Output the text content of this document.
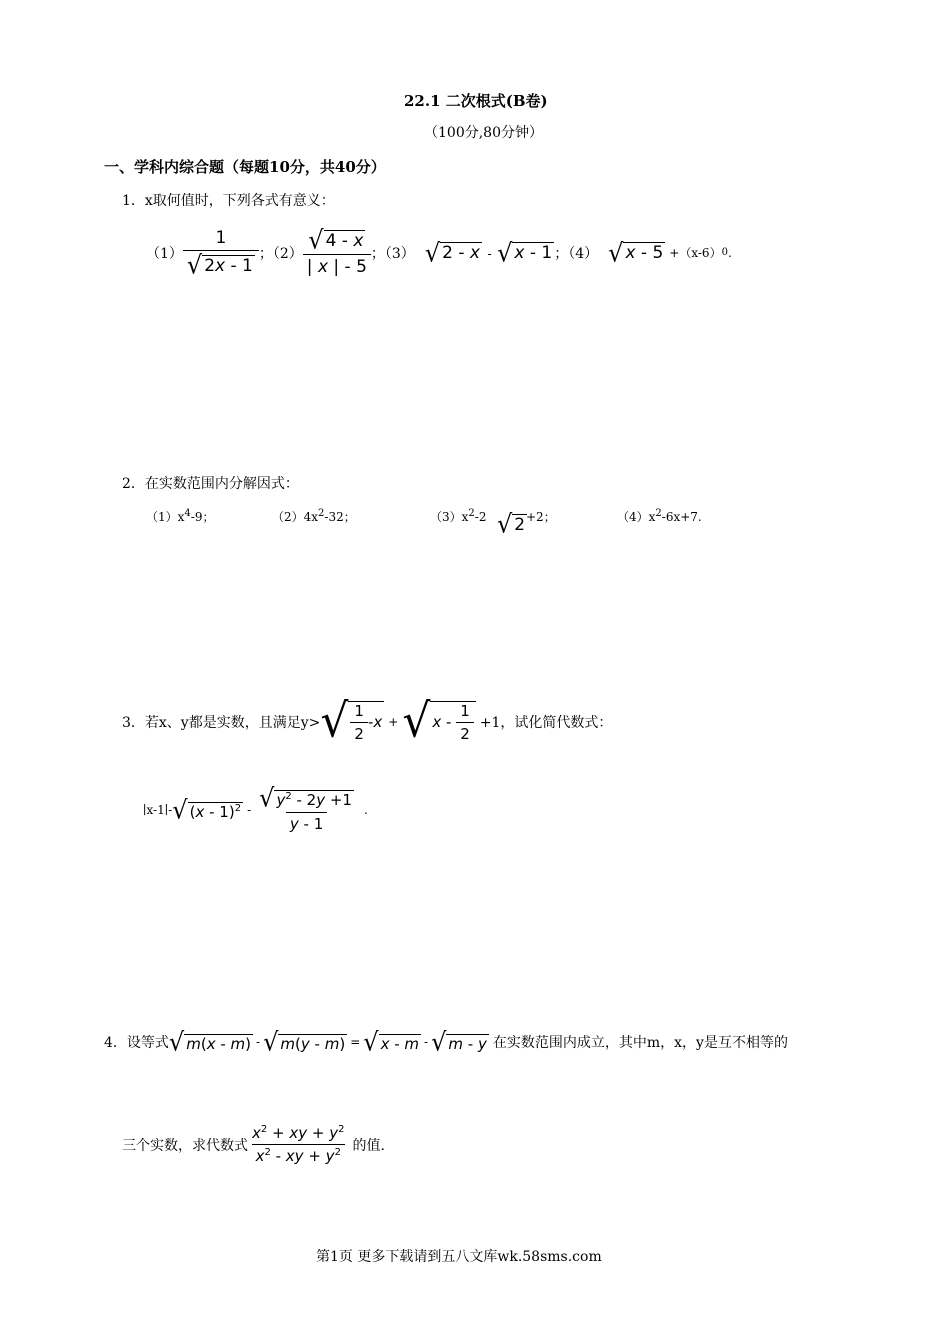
22.1 二次根式(B卷)
（100分,80分钟）
一、学科内综合题（每题10分，共40分）
1．x取何值时，下列各式有意义：
$(1) \frac{1}{√ 2x - 1}$ ；$(2) \frac{√ 4 - x}{| x | - 5}$ ；（3） √ 2 - x - √ x - 1 ；（4） √ x - 5 +（x-6） 0 .
2．在实数范围内分解因式：
$(1)x^4-9$；	$(2)4x^2-32$；	$(3)x^2-2$ √ 2 +2；	$(4)x^2-6x+7$.
3．若x、y都是实数，且满足y> √ $\frac{1}{2}$ - x + √ $x - \frac{1}{2} +1$，试化简代数式：
∣x-1∣- √ $(x - 1)^2 - \frac{√ y^2 - 2y +1}{y - 1}$ .
4．设等式 √ m(x - m) - √ m(y - m) = √ x - m - √ m - y 在实数范围内成立，其中m，x，y是互不相等的
三个实数，求代数式 $\frac{x^2 + xy + y^2}{x^2 - xy + y^2}$ 的值.
第1页 更多下载请到五八文库wk.58sms.com
